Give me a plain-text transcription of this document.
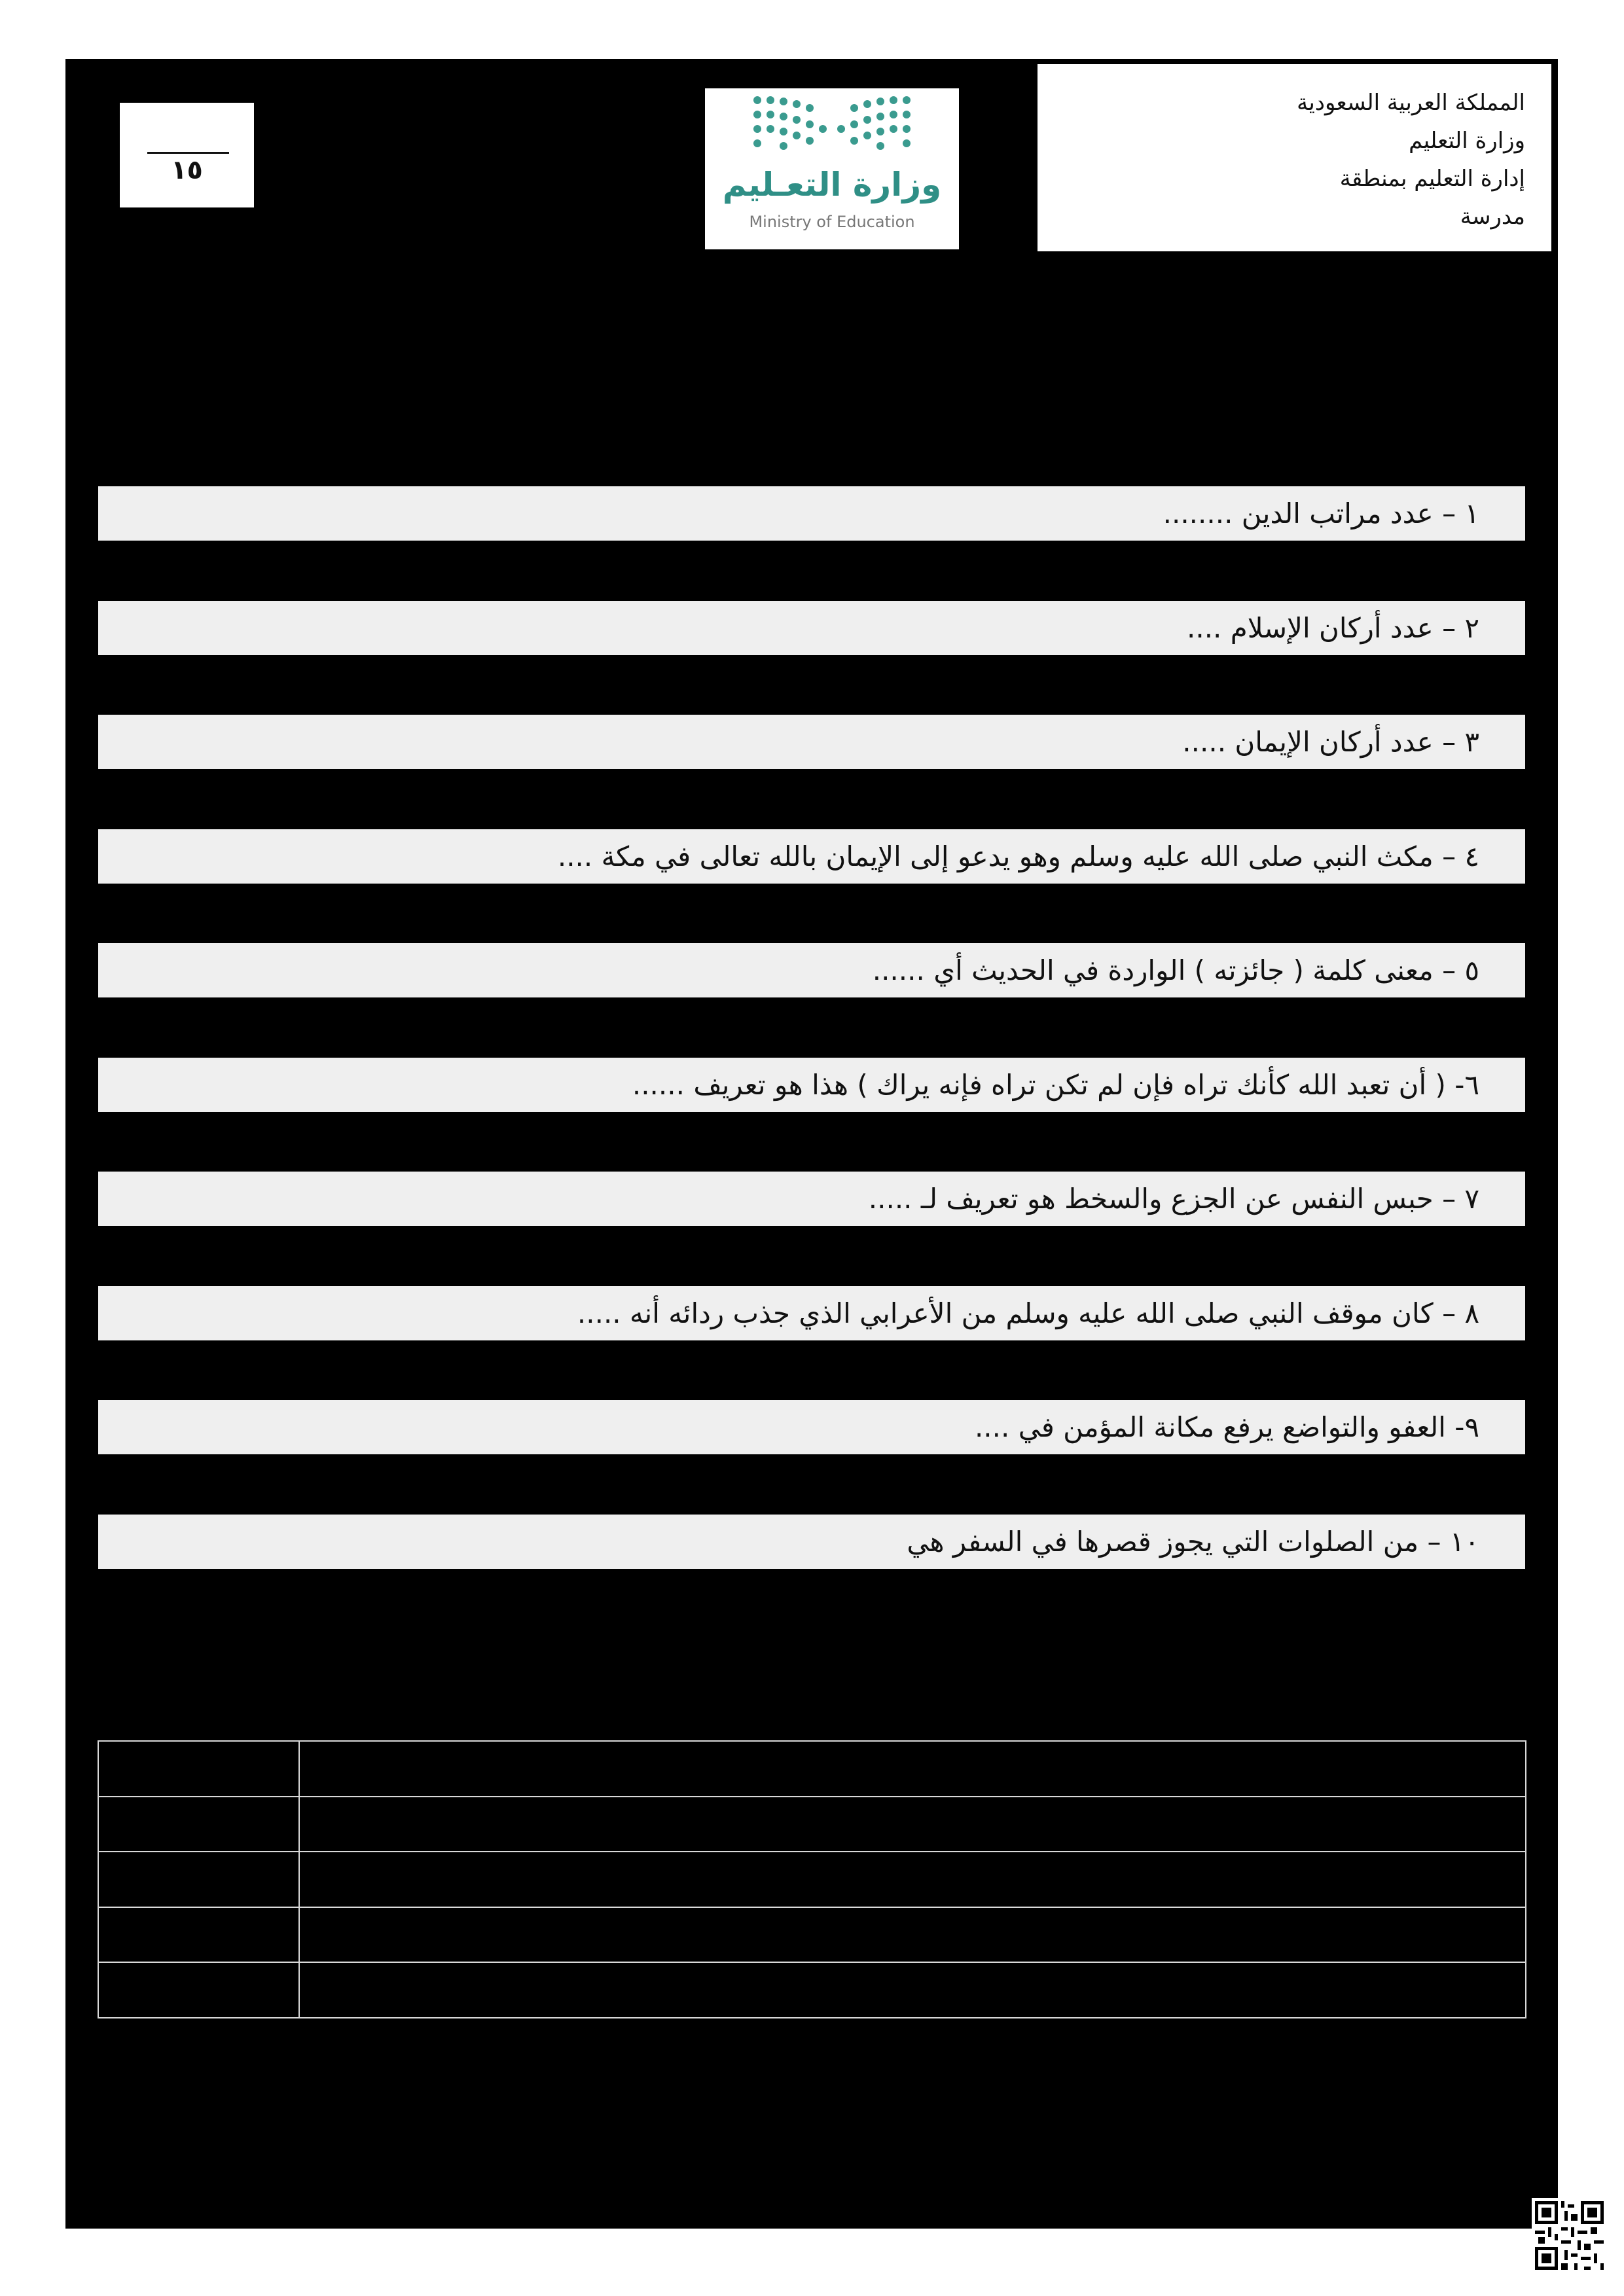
المملكة العربية السعودية
وزارة التعليم
إدارة التعليم بمنطقة
مدرسة
وزارة التعـليم
Ministry of Education
١٥
١ – عدد مراتب الدين ........
٢ – عدد أركان الإسلام ....
٣ – عدد أركان الإيمان .....
٤ – مكث النبي صلى الله عليه وسلم وهو يدعو إلى الإيمان بالله تعالى في مكة ....
٥ – معنى كلمة ( جائزته ) الواردة في الحديث أي ......
٦- ( أن تعبد الله كأنك تراه فإن لم تكن تراه فإنه يراك ) هذا هو تعريف ......
٧ – حبس النفس عن الجزع والسخط هو تعريف لـ .....
٨ – كان موقف النبي صلى الله عليه وسلم من الأعرابي الذي جذب ردائه أنه .....
٩- العفو والتواضع يرفع مكانة المؤمن في ....
١٠ – من الصلوات التي يجوز قصرها في السفر هي
